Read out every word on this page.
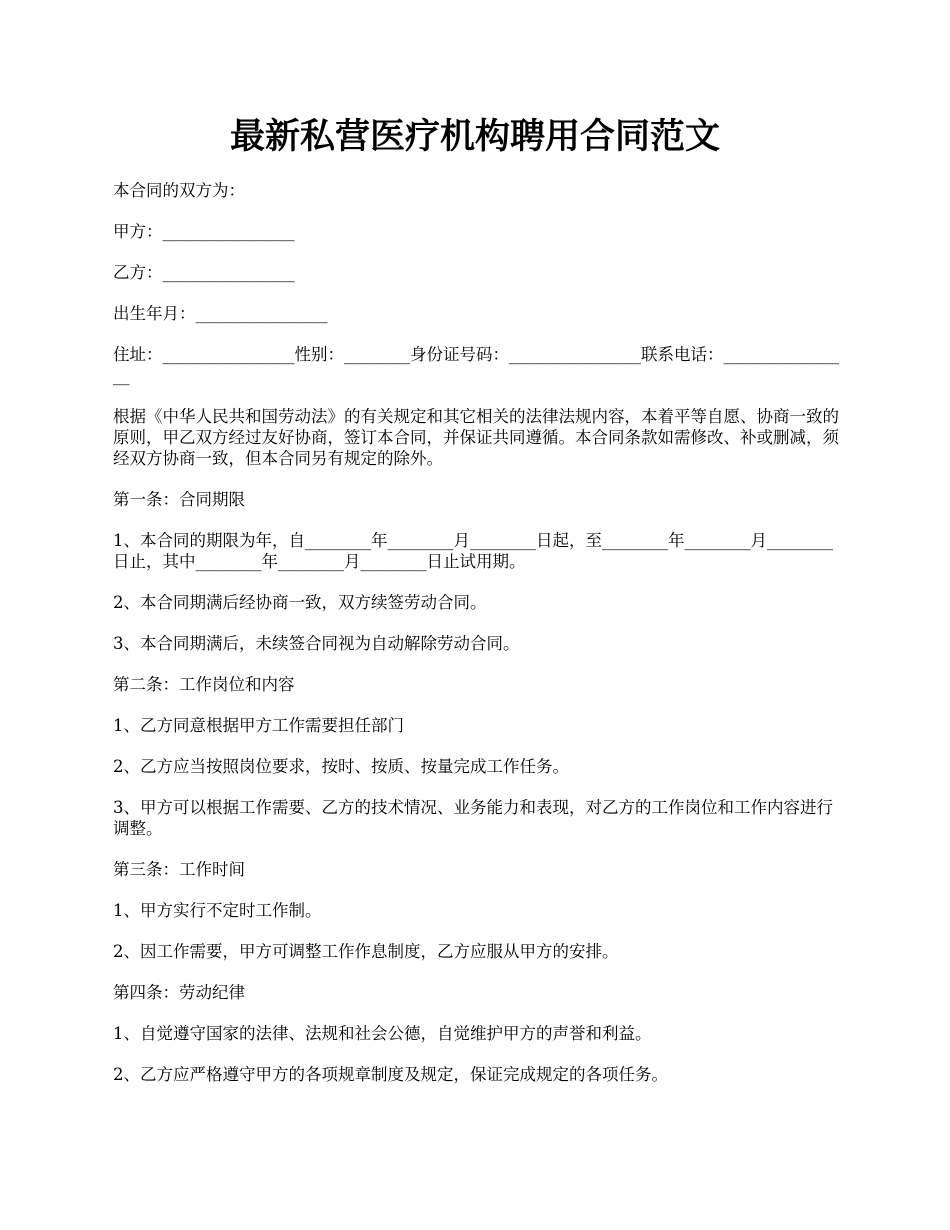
最新私营医疗机构聘用合同范文

本合同的双方为：

甲方：________________

乙方：________________

出生年月：________________

住址：________________性别：________身份证号码：________________联系电话：________________

根据《中华人民共和国劳动法》的有关规定和其它相关的法律法规内容，本着平等自愿、协商一致的原则，甲乙双方经过友好协商，签订本合同，并保证共同遵循。本合同条款如需修改、补或删减，须经双方协商一致，但本合同另有规定的除外。

第一条：合同期限

1、本合同的期限为年，自________年________月________日起，至________年________月________日止，其中________年________月________日止试用期。

2、本合同期满后经协商一致，双方续签劳动合同。

3、本合同期满后，未续签合同视为自动解除劳动合同。

第二条：工作岗位和内容

1、乙方同意根据甲方工作需要担任部门

2、乙方应当按照岗位要求，按时、按质、按量完成工作任务。

3、甲方可以根据工作需要、乙方的技术情况、业务能力和表现，对乙方的工作岗位和工作内容进行调整。

第三条：工作时间

1、甲方实行不定时工作制。

2、因工作需要，甲方可调整工作作息制度，乙方应服从甲方的安排。

第四条：劳动纪律

1、自觉遵守国家的法律、法规和社会公德，自觉维护甲方的声誉和利益。

2、乙方应严格遵守甲方的各项规章制度及规定，保证完成规定的各项任务。
